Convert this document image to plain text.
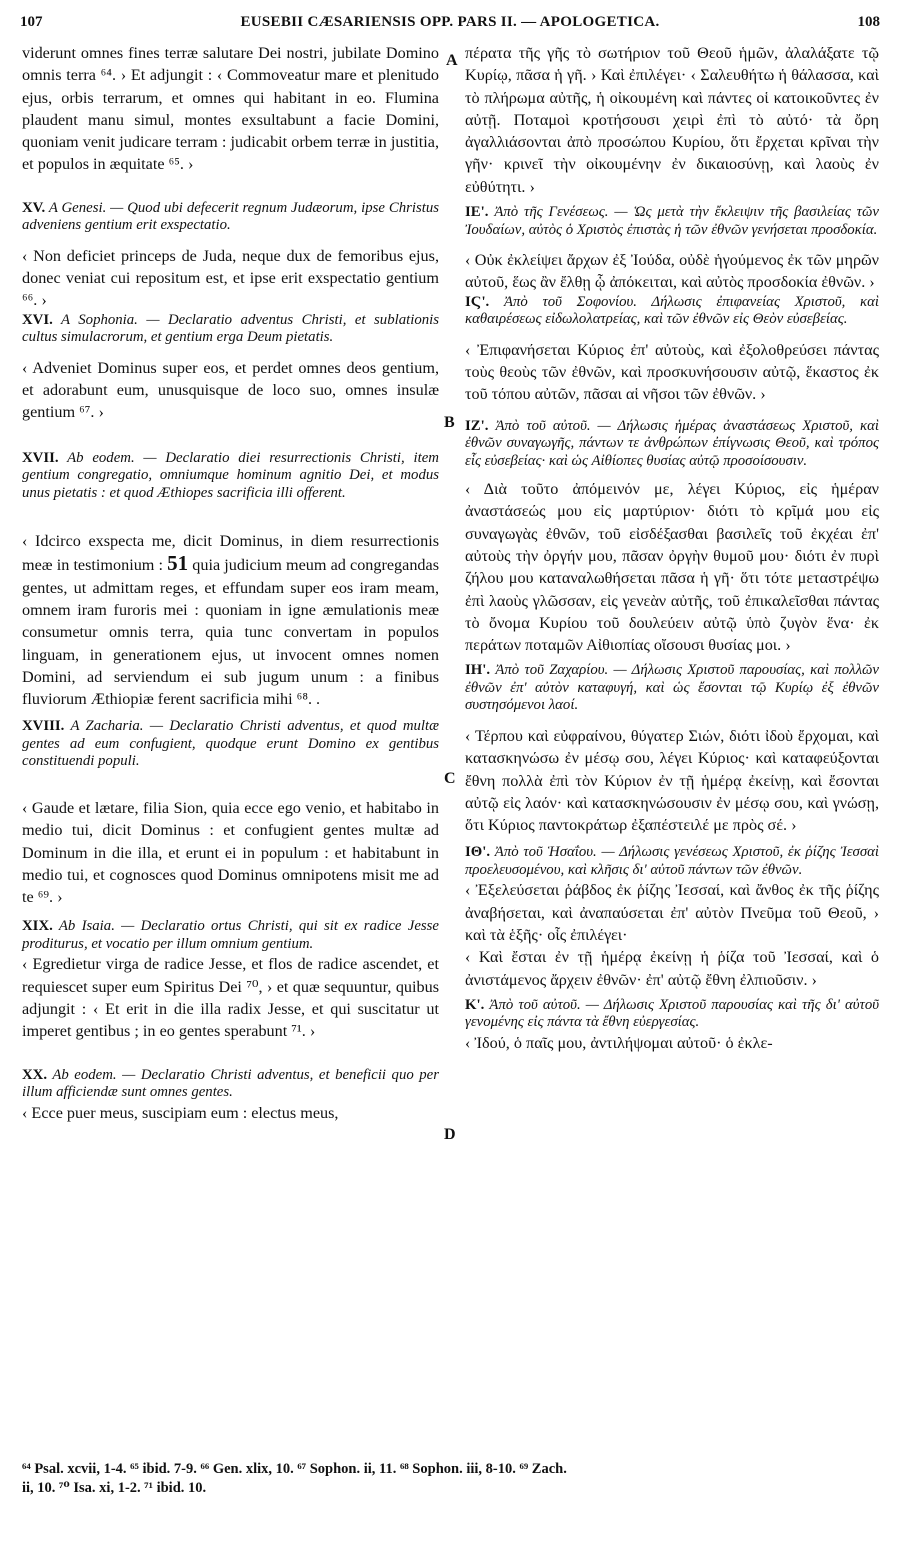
107	EUSEBII CÆSARIENSIS OPP. PARS II. — APOLOGETICA.	108
A
B
C
D

viderunt omnes fines terræ salutare Dei nostri, jubilate Domino omnis terra ⁶⁴. › Et adjungit : ‹ Commoveatur mare et plenitudo ejus, orbis terrarum, et omnes qui habitant in eo. Flumina plaudent manu simul, montes exsultabunt a facie Domini, quoniam venit judicare terram : judicabit orbem terræ in justitia, et populos in æquitate ⁶⁵. ›

XV. A Genesi. — Quod ubi defecerit regnum Judæorum, ipse Christus adveniens gentium erit exspectatio.

‹ Non deficiet princeps de Juda, neque dux de femoribus ejus, donec veniat cui repositum est, et ipse erit exspectatio gentium ⁶⁶. ›

XVI. A Sophonia. — Declaratio adventus Christi, et sublationis cultus simulacrorum, et gentium erga Deum pietatis.

‹ Adveniet Dominus super eos, et perdet omnes deos gentium, et adorabunt eum, unusquisque de loco suo, omnes insulæ gentium ⁶⁷. ›

XVII. Ab eodem. — Declaratio diei resurrectionis Christi, item gentium congregatio, omniumque hominum agnitio Dei, et modus unus pietatis : et quod Æthiopes sacrificia illi offerent.

‹ Idcirco exspecta me, dicit Dominus, in diem resurrectionis meæ in testimonium : 51 quia judicium meum ad congregandas gentes, ut admittam reges, et effundam super eos iram meam, omnem iram furoris mei : quoniam in igne æmulationis meæ consumetur omnis terra, quia tunc convertam in populos linguam, in generationem ejus, ut invocent omnes nomen Domini, ad serviendum ei sub jugum unum : a finibus fluviorum Æthiopiæ ferent sacrificia mihi ⁶⁸. .

XVIII. A Zacharia. — Declaratio Christi adventus, et quod multæ gentes ad eum confugient, quodque erunt Domino ex gentibus constituendi populi.

‹ Gaude et lætare, filia Sion, quia ecce ego venio, et habitabo in medio tui, dicit Dominus : et confugient gentes multæ ad Dominum in die illa, et erunt ei in populum : et habitabunt in medio tui, et cognosces quod Dominus omnipotens misit me ad te ⁶⁹. ›

XIX. Ab Isaia. — Declaratio ortus Christi, qui sit ex radice Jesse proditurus, et vocatio per illum omnium gentium.

‹ Egredietur virga de radice Jesse, et flos de radice ascendet, et requiescet super eum Spiritus Dei ⁷⁰, › et quæ sequuntur, quibus adjungit : ‹ Et erit in die illa radix Jesse, et qui suscitatur ut imperet gentibus ; in eo gentes sperabunt ⁷¹. ›

XX. Ab eodem. — Declaratio Christi adventus, et beneficii quo per illum afficiendæ sunt omnes gentes.

‹ Ecce puer meus, suscipiam eum : electus meus,

πέρατα τῆς γῆς τὸ σωτήριον τοῦ Θεοῦ ἡμῶν, ἀλαλάξατε τῷ Κυρίῳ, πᾶσα ἡ γῆ. › Καὶ ἐπιλέγει· ‹ Σαλευθήτω ἡ θάλασσα, καὶ τὸ πλήρωμα αὐτῆς, ἡ οἰκουμένη καὶ πάντες οἱ κατοικοῦντες ἐν αὐτῇ. Ποταμοὶ κροτήσουσι χειρὶ ἐπὶ τὸ αὐτό· τὰ ὄρη ἀγαλλιάσονται ἀπὸ προσώπου Κυρίου, ὅτι ἔρχεται κρῖναι τὴν γῆν· κρινεῖ τὴν οἰκουμένην ἐν δικαιοσύνῃ, καὶ λαοὺς ἐν εὐθύτητι. ›

ΙΕ'. Ἀπὸ τῆς Γενέσεως. — Ὡς μετὰ τὴν ἔκλειψιν τῆς βασιλείας τῶν Ἰουδαίων, αὐτὸς ὁ Χριστὸς ἐπιστὰς ἡ τῶν ἐθνῶν γενήσεται προσδοκία.

‹ Οὐκ ἐκλείψει ἄρχων ἐξ Ἰούδα, οὐδὲ ἡγούμενος ἐκ τῶν μηρῶν αὐτοῦ, ἕως ἂν ἔλθῃ ᾧ ἀπόκειται, καὶ αὐτὸς προσδοκία ἐθνῶν. ›

ΙϚ'. Ἀπὸ τοῦ Σοφονίου. Δήλωσις ἐπιφανείας Χριστοῦ, καὶ καθαιρέσεως εἰδωλολατρείας, καὶ τῶν ἐθνῶν εἰς Θεὸν εὐσεβείας.

‹ Ἐπιφανήσεται Κύριος ἐπ' αὐτοὺς, καὶ ἐξολοθρεύσει πάντας τοὺς θεοὺς τῶν ἐθνῶν, καὶ προσκυνήσουσιν αὐτῷ, ἕκαστος ἐκ τοῦ τόπου αὐτῶν, πᾶσαι αἱ νῆσοι τῶν ἐθνῶν. ›

ΙΖ'. Ἀπὸ τοῦ αὐτοῦ. — Δήλωσις ἡμέρας ἀναστάσεως Χριστοῦ, καὶ ἐθνῶν συναγωγῆς, πάντων τε ἀνθρώπων ἐπίγνωσις Θεοῦ, καὶ τρόπος εἷς εὐσεβείας· καὶ ὡς Αἰθίοπες θυσίας αὐτῷ προσοίσουσιν.

‹ Διὰ τοῦτο ἀπόμεινόν με, λέγει Κύριος, εἰς ἡμέραν ἀναστάσεώς μου εἰς μαρτύριον· διότι τὸ κρῖμά μου εἰς συναγωγὰς ἐθνῶν, τοῦ εἰσδέξασθαι βασιλεῖς τοῦ ἐκχέαι ἐπ' αὐτοὺς τὴν ὀργήν μου, πᾶσαν ὀργὴν θυμοῦ μου· διότι ἐν πυρὶ ζήλου μου καταναλωθήσεται πᾶσα ἡ γῆ· ὅτι τότε μεταστρέψω ἐπὶ λαοὺς γλῶσσαν, εἰς γενεὰν αὐτῆς, τοῦ ἐπικαλεῖσθαι πάντας τὸ ὄνομα Κυρίου τοῦ δουλεύειν αὐτῷ ὑπὸ ζυγὸν ἕνα· ἐκ περάτων ποταμῶν Αἰθιοπίας οἴσουσι θυσίας μοι. ›

ΙΗ'. Ἀπὸ τοῦ Ζαχαρίου. — Δήλωσις Χριστοῦ παρουσίας, καὶ πολλῶν ἐθνῶν ἐπ' αὐτὸν καταφυγή, καὶ ὡς ἔσονται τῷ Κυρίῳ ἐξ ἐθνῶν συστησόμενοι λαοί.

‹ Τέρπου καὶ εὐφραίνου, θύγατερ Σιών, διότι ἰδοὺ ἔρχομαι, καὶ κατασκηνώσω ἐν μέσῳ σου, λέγει Κύριος· καὶ καταφεύξονται ἔθνη πολλὰ ἐπὶ τὸν Κύριον ἐν τῇ ἡμέρᾳ ἐκείνῃ, καὶ ἔσονται αὐτῷ εἰς λαόν· καὶ κατασκηνώσουσιν ἐν μέσῳ σου, καὶ γνώσῃ, ὅτι Κύριος παντοκράτωρ ἐξαπέστειλέ με πρὸς σέ. ›

ΙΘ'. Ἀπὸ τοῦ Ἡσαΐου. — Δήλωσις γενέσεως Χριστοῦ, ἐκ ῥίζης Ἰεσσαὶ προελευσομένου, καὶ κλῆσις δι' αὐτοῦ πάντων τῶν ἐθνῶν.

‹ Ἐξελεύσεται ῥάβδος ἐκ ῥίζης Ἰεσσαί, καὶ ἄνθος ἐκ τῆς ῥίζης ἀναβήσεται, καὶ ἀναπαύσεται ἐπ' αὐτὸν Πνεῦμα τοῦ Θεοῦ, › καὶ τὰ ἑξῆς· οἷς ἐπιλέγει·

‹ Καὶ ἔσται ἐν τῇ ἡμέρᾳ ἐκείνῃ ἡ ῥίζα τοῦ Ἰεσσαί, καὶ ὁ ἀνιστάμενος ἄρχειν ἐθνῶν· ἐπ' αὐτῷ ἔθνη ἐλπιοῦσιν. ›

Κ'. Ἀπὸ τοῦ αὐτοῦ. — Δήλωσις Χριστοῦ παρουσίας καὶ τῆς δι' αὐτοῦ γενομένης εἰς πάντα τὰ ἔθνη εὐεργεσίας.

‹ Ἰδού, ὁ παῖς μου, ἀντιλήψομαι αὐτοῦ· ὁ ἐκλε-

⁶⁴ Psal. xcvii, 1-4. ⁶⁵ ibid. 7-9. ⁶⁶ Gen. xlix, 10. ⁶⁷ Sophon. ii, 11. ⁶⁸ Sophon. iii, 8-10. ⁶⁹ Zach.
ii, 10. ⁷⁰ Isa. xi, 1-2. ⁷¹ ibid. 10.
